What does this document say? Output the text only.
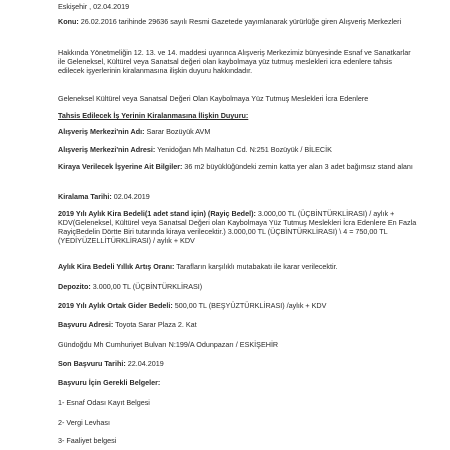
Eskişehir , 02.04.2019
Konu: 26.02.2016 tarihinde 29636 sayılı Resmi Gazetede yayımlanarak yürürlüğe giren Alışveriş Merkezleri
Hakkında Yönetmeliğin 12. 13. ve 14. maddesi uyarınca Alışveriş Merkezimiz bünyesinde Esnaf ve Sanatkarlar ile Geleneksel, Kültürel veya Sanatsal değeri olan kaybolmaya yüz tutmuş meslekleri icra edenlere tahsis edilecek işyerlerinin kiralanmasına ilişkin duyuru hakkındadır.
Geleneksel Kültürel veya Sanatsal Değeri Olan Kaybolmaya Yüz Tutmuş Meslekleri İcra Edenlere
Tahsis Edilecek İş Yerinin Kiralanmasına İlişkin Duyuru:
Alışveriş Merkezi'nin Adı: Sarar Bozüyük AVM
Alışveriş Merkezi'nin Adresi: Yenidoğan Mh Malhatun Cd. N:251 Bozüyük / BİLECİK
Kiraya Verilecek İşyerine Ait Bilgiler: 36 m2 büyüklüğündeki zemin katta yer alan 3 adet bağımsız stand alanı
Kiralama Tarihi: 02.04.2019
2019 Yılı Aylık Kira Bedeli(1 adet stand için) (Rayiç Bedel): 3.000,00 TL (ÜÇBİNTÜRKLİRASI) / aylık + KDV(Geleneksel, Kültürel veya Sanatsal Değeri olan Kaybolmaya Yüz Tutmuş Meslekleri İcra Edenlere En Fazla RayiçBedelin Dörtte Biri tutarında kiraya verilecektir.) 3.000,00 TL (ÜÇBİNTÜRKLİRASI) \ 4 = 750,00 TL (YEDİYÜZELLİTÜRKLİRASI) / aylık + KDV
Aylık Kira Bedeli Yıllık Artış Oranı: Tarafların karşılıklı mutabakatı ile karar verilecektir.
Depozito: 3.000,00 TL (ÜÇBİNTÜRKLİRASI)
2019 Yılı Aylık Ortak Gider Bedeli: 500,00 TL (BEŞYÜZTÜRKLİRASI) /aylık + KDV
Başvuru Adresi: Toyota Sarar Plaza 2. Kat
Gündoğdu Mh Cumhuriyet Bulvarı N:199/A Odunpazarı / ESKİŞEHİR
Son Başvuru Tarihi: 22.04.2019
Başvuru İçin Gerekli Belgeler:
1- Esnaf Odası Kayıt Belgesi
2- Vergi Levhası
3- Faaliyet belgesi
